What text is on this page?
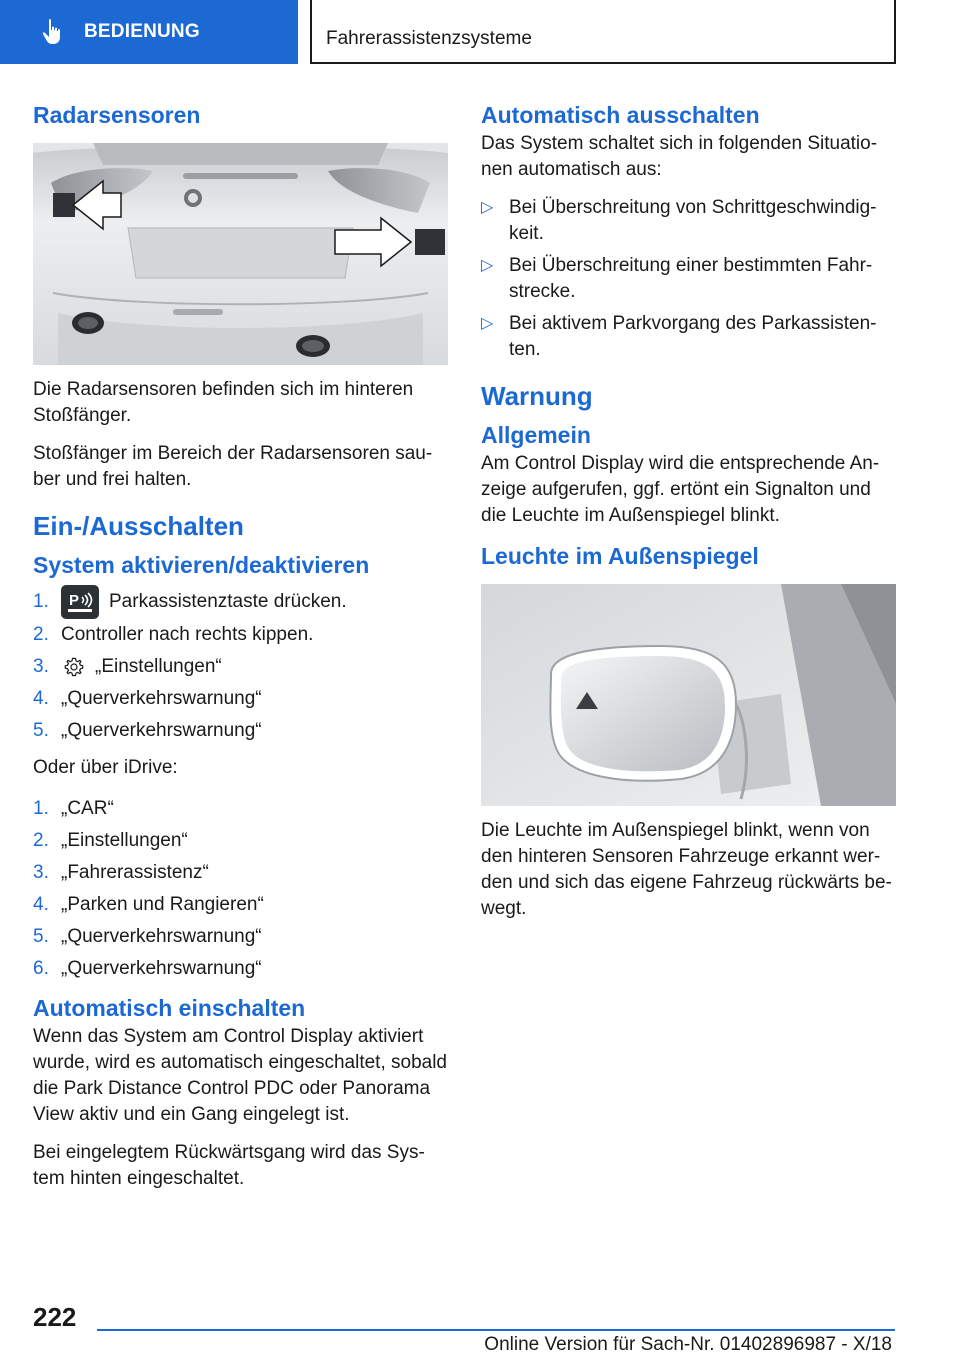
BEDIENUNG	Fahrerassistenzsysteme
Radarsensoren

Die Radarsensoren befinden sich im hinteren Stoßfänger.

Stoßfänger im Bereich der Radarsensoren sau-ber und frei halten.

Ein-/Ausschalten
System aktivieren/deaktivieren
1.	P Parkassistenztaste drücken.
2. Controller nach rechts kippen.
3.	„Einstellungen“
4. „Querverkehrswarnung“
5. „Querverkehrswarnung“

Oder über iDrive:

1. „CAR“
2. „Einstellungen“
3. „Fahrerassistenz“
4. „Parken und Rangieren“
5. „Querverkehrswarnung“
6. „Querverkehrswarnung“
Automatisch einschalten

Wenn das System am Control Display aktiviert wurde, wird es automatisch eingeschaltet, sobald die Park Distance Control PDC oder Panorama View aktiv und ein Gang eingelegt ist.

Bei eingelegtem Rückwärtsgang wird das Sys-tem hinten eingeschaltet.

Automatisch ausschalten

Das System schaltet sich in folgenden Situatio-nen automatisch aus:

▷ Bei Überschreitung von Schrittgeschwindig-keit.
▷ Bei Überschreitung einer bestimmten Fahr-strecke.
▷ Bei aktivem Parkvorgang des Parkassisten-ten.
Warnung
Allgemein

Am Control Display wird die entsprechende An-zeige aufgerufen, ggf. ertönt ein Signalton und die Leuchte im Außenspiegel blinkt.

Leuchte im Außenspiegel

Die Leuchte im Außenspiegel blinkt, wenn von den hinteren Sensoren Fahrzeuge erkannt wer-den und sich das eigene Fahrzeug rückwärts be-wegt.

222
Online Version für Sach-Nr. 01402896987 - X/18
